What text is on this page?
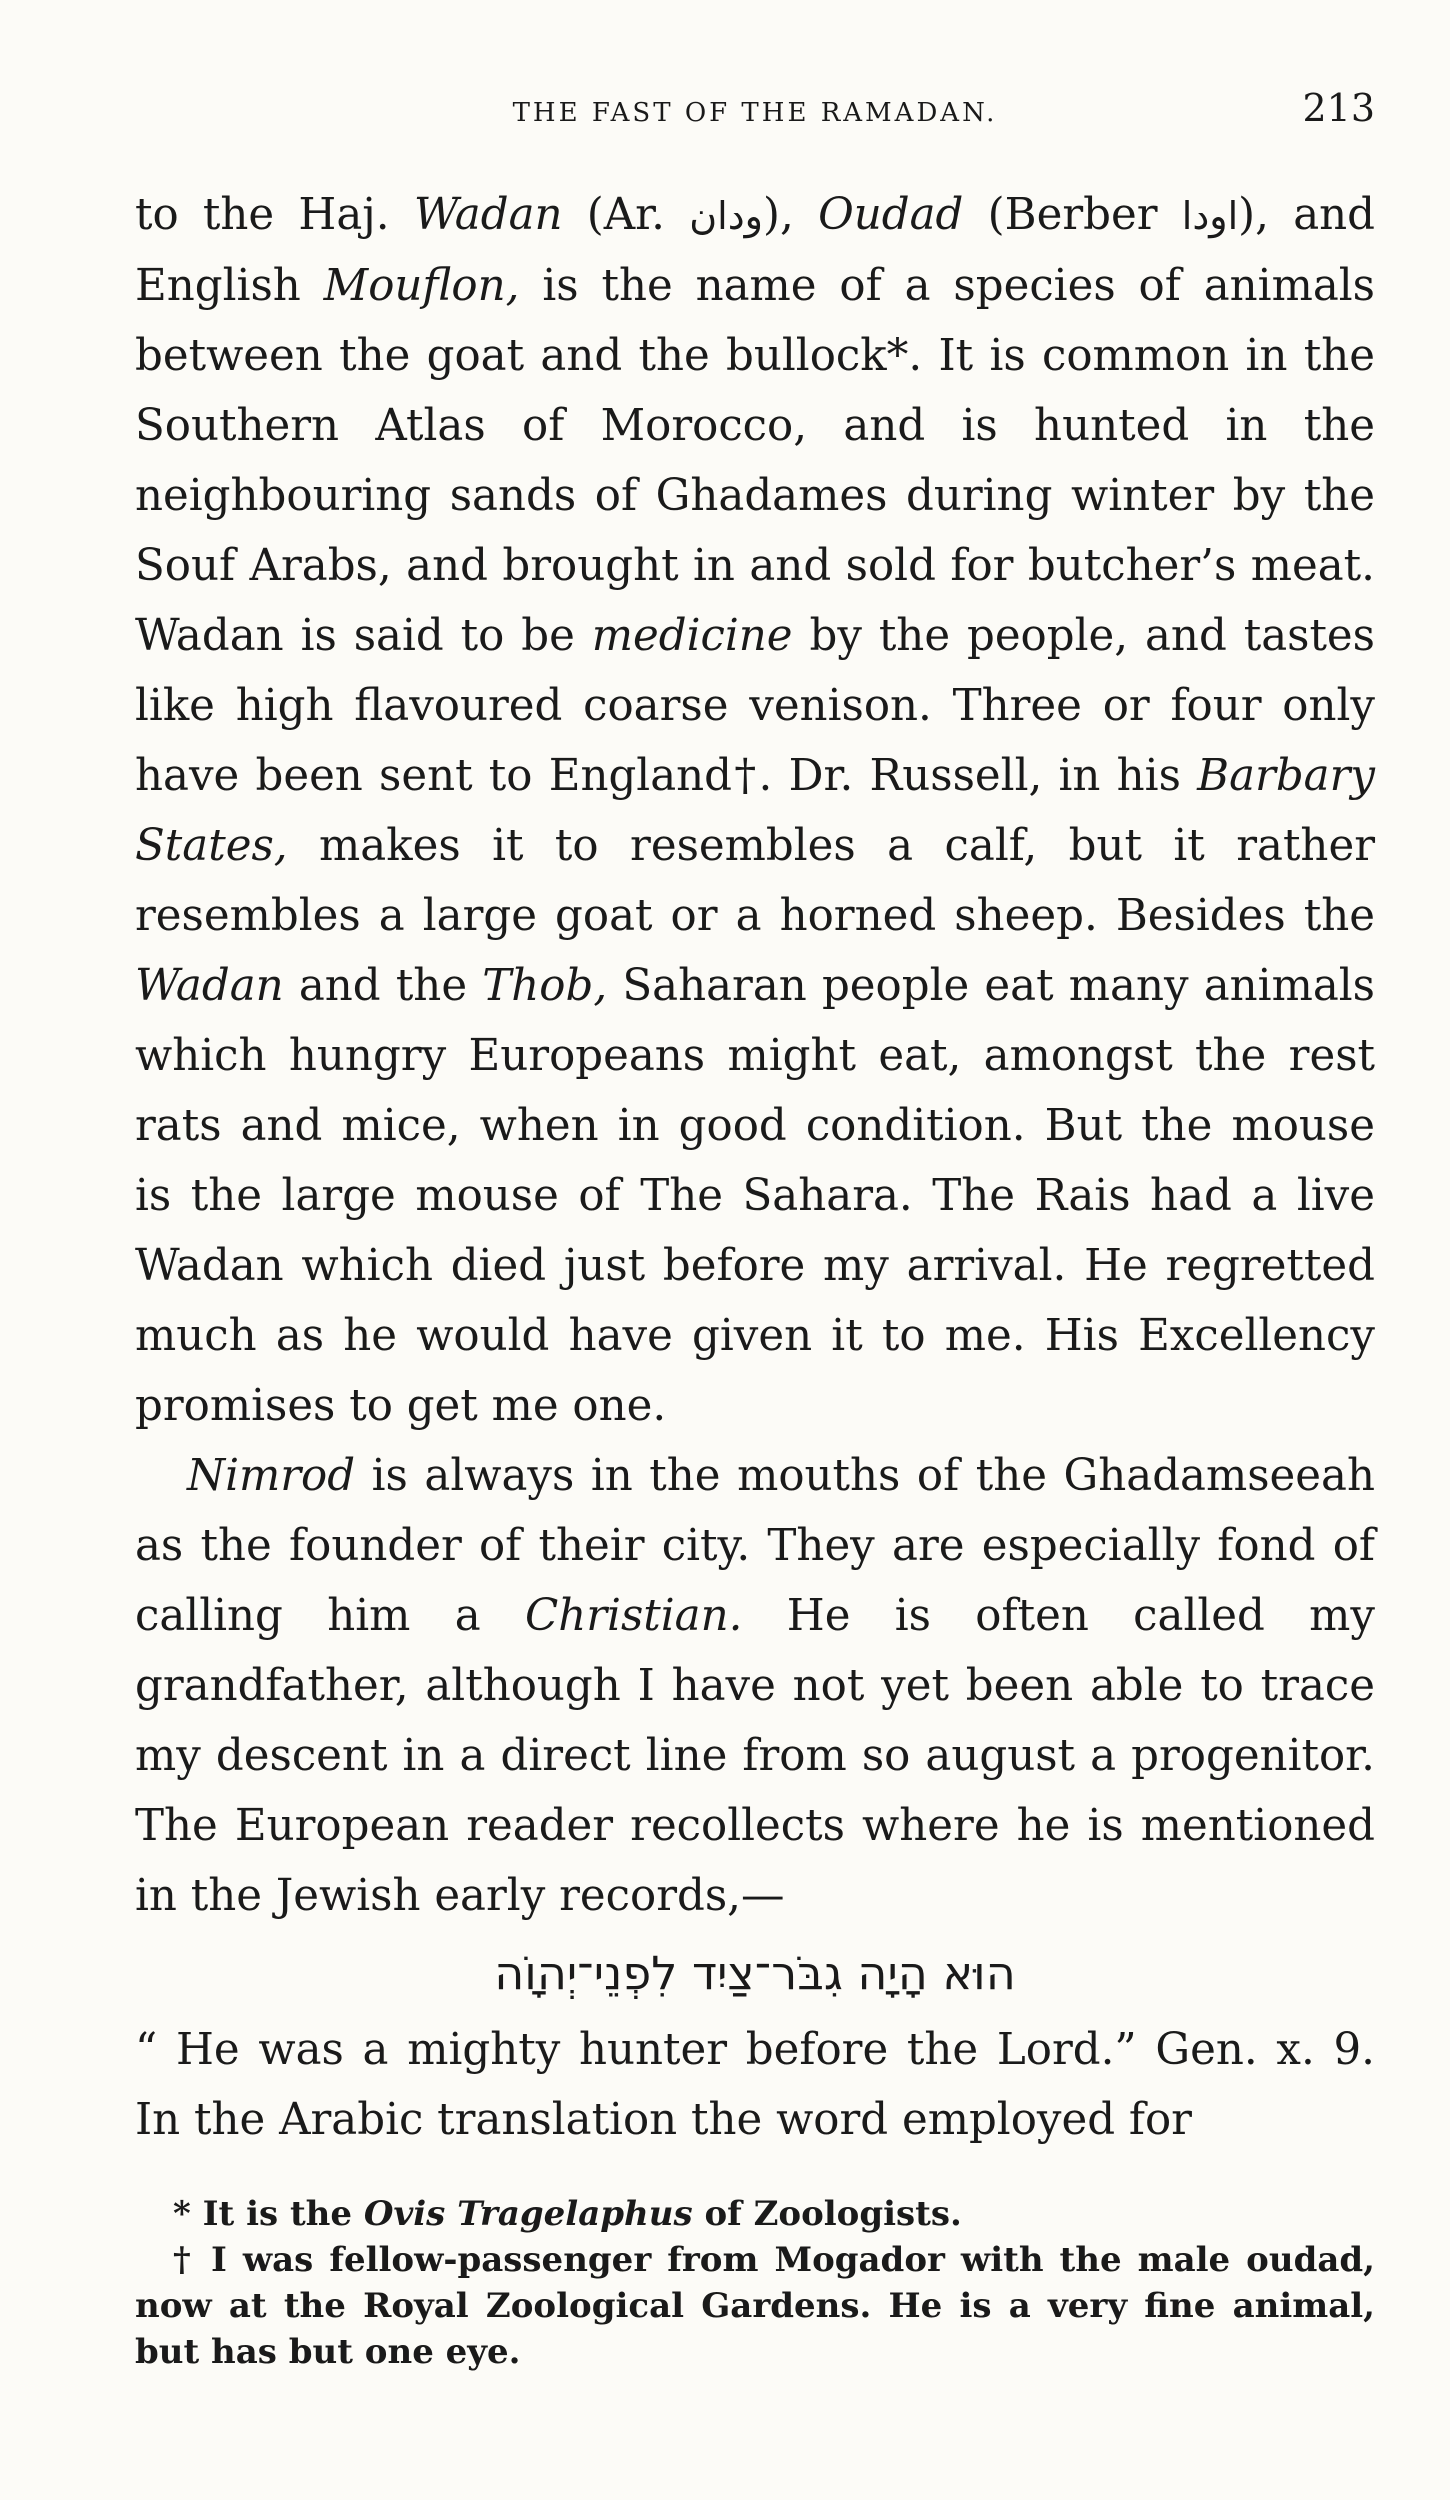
THE FAST OF THE RAMADAN.	213

to the Haj. Wadan (Ar. ودان), Oudad (Berber اودا), and English Mouflon, is the name of a species of animals between the goat and the bullock*. It is common in the Southern Atlas of Morocco, and is hunted in the neighbouring sands of Ghadames during winter by the Souf Arabs, and brought in and sold for butcher’s meat. Wadan is said to be medicine by the people, and tastes like high flavoured coarse venison. Three or four only have been sent to England†. Dr. Russell, in his Barbary States, makes it to resembles a calf, but it rather resembles a large goat or a horned sheep. Besides the Wadan and the Thob, Saharan people eat many animals which hungry Europeans might eat, amongst the rest rats and mice, when in good condition. But the mouse is the large mouse of The Sahara. The Rais had a live Wadan which died just before my arrival. He regretted much as he would have given it to me. His Excellency promises to get me one.

Nimrod is always in the mouths of the Ghadamseeah as the founder of their city. They are especially fond of calling him a Christian. He is often called my grandfather, although I have not yet been able to trace my descent in a direct line from so august a progenitor. The European reader recollects where he is mentioned in the Jewish early records,—

הוּא הָיָה גִבֹּר־צַיִד לִפְנֵי־יְהוָֹה

“ He was a mighty hunter before the Lord.” Gen. x. 9. In the Arabic translation the word employed for

* It is the Ovis Tragelaphus of Zoologists.

† I was fellow-passenger from Mogador with the male oudad, now at the Royal Zoological Gardens. He is a very fine animal, but has but one eye.
